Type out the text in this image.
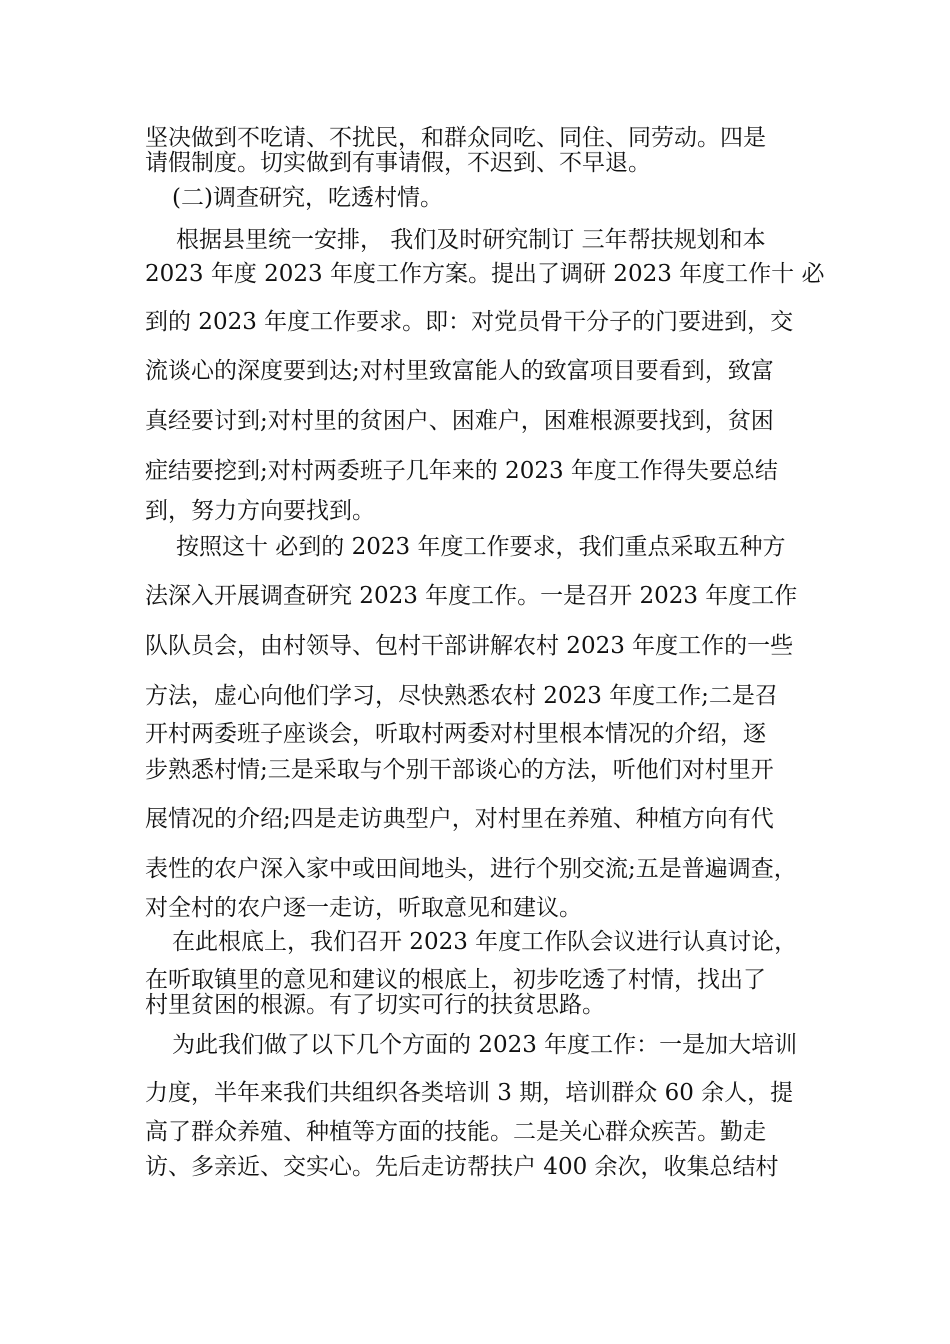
坚决做到不吃请、不扰民，和群众同吃、同住、同劳动。四是
请假制度。切实做到有事请假，不迟到、不早退。
(二)调查研究，吃透村情。
根据县里统一安排， 我们及时研究制订 三年帮扶规划和本
2023 年度 2023 年度工作方案。提出了调研 2023 年度工作十 必
到的 2023 年度工作要求。即：对党员骨干分子的门要进到，交
流谈心的深度要到达;对村里致富能人的致富项目要看到，致富
真经要讨到;对村里的贫困户、困难户，困难根源要找到，贫困
症结要挖到;对村两委班子几年来的 2023 年度工作得失要总结
到，努力方向要找到。
按照这十 必到的 2023 年度工作要求，我们重点采取五种方
法深入开展调查研究 2023 年度工作。一是召开 2023 年度工作
队队员会，由村领导、包村干部讲解农村 2023 年度工作的一些
方法，虚心向他们学习，尽快熟悉农村 2023 年度工作;二是召
开村两委班子座谈会，听取村两委对村里根本情况的介绍，逐
步熟悉村情;三是采取与个别干部谈心的方法，听他们对村里开
展情况的介绍;四是走访典型户，对村里在养殖、种植方向有代
表性的农户深入家中或田间地头，进行个别交流;五是普遍调查，
对全村的农户逐一走访，听取意见和建议。
在此根底上，我们召开 2023 年度工作队会议进行认真讨论，
在听取镇里的意见和建议的根底上，初步吃透了村情，找出了
村里贫困的根源。有了切实可行的扶贫思路。
为此我们做了以下几个方面的 2023 年度工作：一是加大培训
力度，半年来我们共组织各类培训 3 期，培训群众 60 余人，提
高了群众养殖、种植等方面的技能。二是关心群众疾苦。勤走
访、多亲近、交实心。先后走访帮扶户 400 余次，收集总结村
